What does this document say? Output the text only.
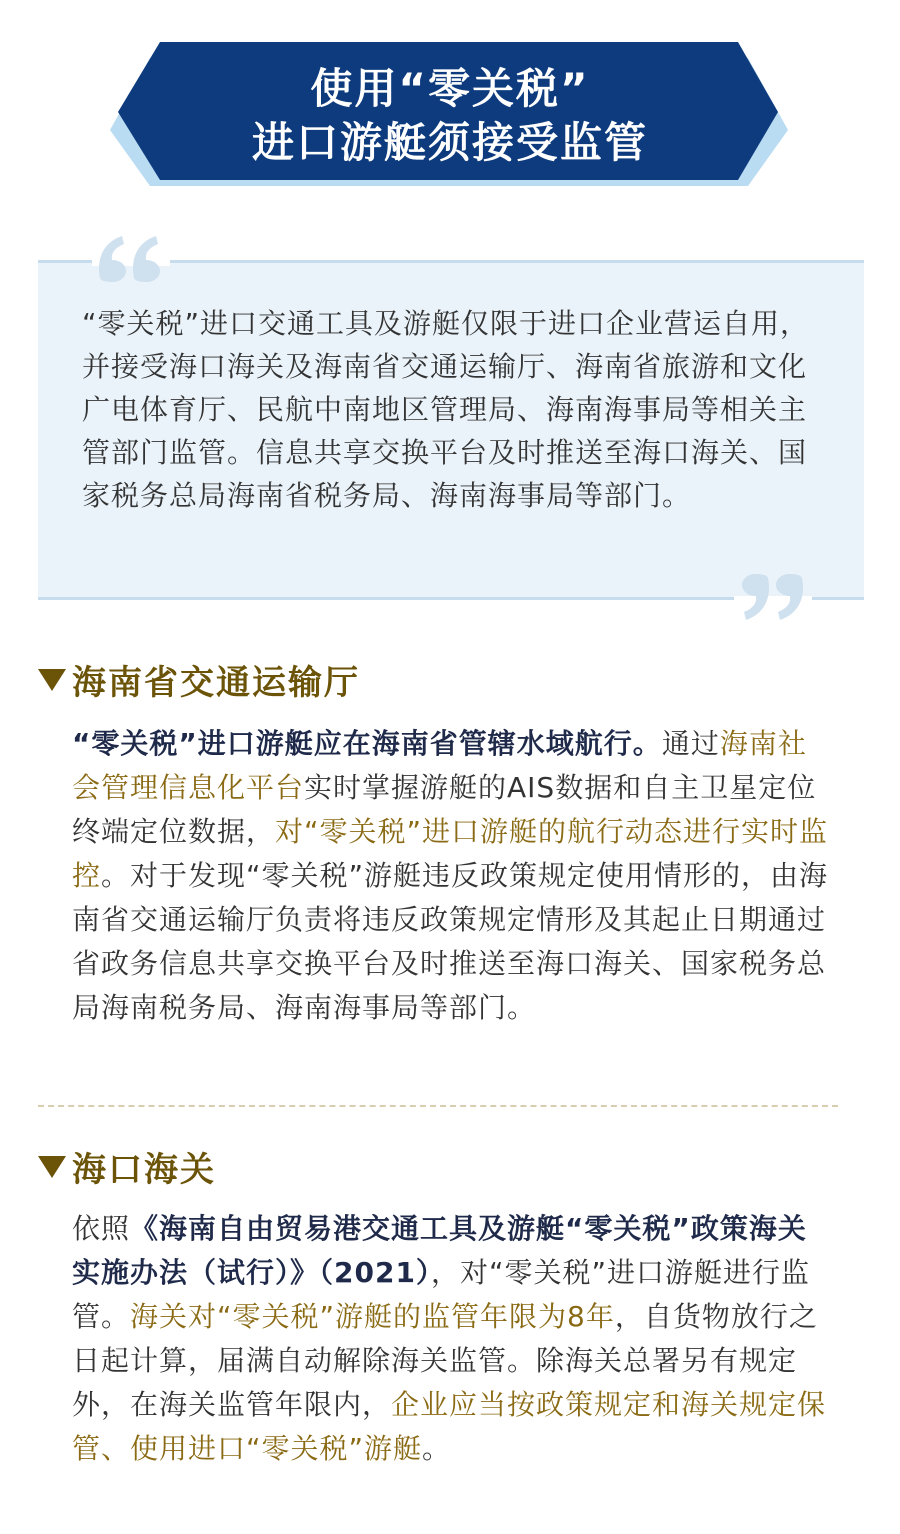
使用“零关税”
进口游艇须接受监管
“零关税”进口交通工具及游艇仅限于进口企业营运自用，并接受海口海关及海南省交通运输厅、海南省旅游和文化广电体育厅、民航中南地区管理局、海南海事局等相关主管部门监管。信息共享交换平台及时推送至海口海关、国家税务总局海南省税务局、海南海事局等部门。
海南省交通运输厅
“零关税”进口游艇应在海南省管辖水域航行。通过海南社会管理信息化平台实时掌握游艇的AIS数据和自主卫星定位终端定位数据，对“零关税”进口游艇的航行动态进行实时监控。对于发现“零关税”游艇违反政策规定使用情形的，由海南省交通运输厅负责将违反政策规定情形及其起止日期通过省政务信息共享交换平台及时推送至海口海关、国家税务总局海南税务局、海南海事局等部门。
海口海关
依照《海南自由贸易港交通工具及游艇“零关税”政策海关实施办法（试行）》（2021），对“零关税”进口游艇进行监管。海关对“零关税”游艇的监管年限为8年，自货物放行之日起计算，届满自动解除海关监管。除海关总署另有规定外，在海关监管年限内，企业应当按政策规定和海关规定保管、使用进口“零关税”游艇。
